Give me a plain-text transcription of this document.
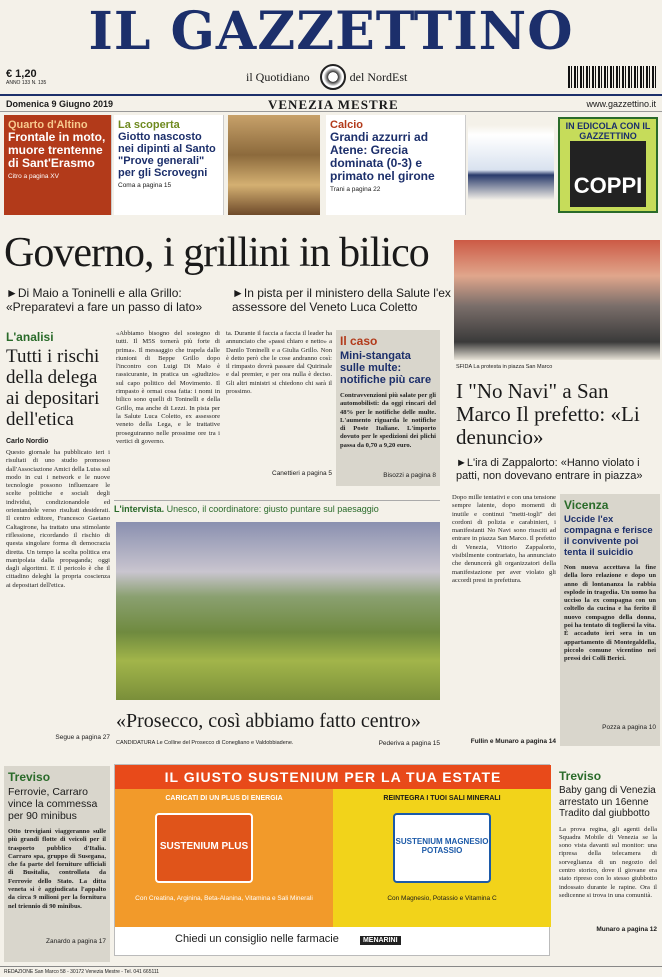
IL GAZZETTINO
€ 1,20
ANNO 133 N. 135	il Quotidiano	del NordEst
Domenica 9 Giugno 2019	VENEZIA MESTRE	www.gazzettino.it
Quarto d'Altino
Frontale in moto, muore trentenne di Sant'Erasmo
Citro a pagina XV
La scoperta
Giotto nascosto nei dipinti al Santo "Prove generali" per gli Scrovegni
Coma a pagina 15
Calcio
Grandi azzurri ad Atene: Grecia dominata (0-3) e primato nel girone
Trani a pagina 22
IN EDICOLA CON IL GAZZETTINO
COPPI
Governo, i grillini in bilico
►Di Maio a Toninelli e alla Grillo: «Preparatevi a fare un passo di lato»
►In pista per il ministero della Salute l'ex assessore del Veneto Luca Coletto
L'analisi
Tutti i rischi della delega ai depositari dell'etica
Carlo Nordio
Questo giornale ha pubblicato ieri i risultati di uno studio promosso dall'Associazione Amici della Luiss sul modo in cui i network e le nuove tecnologie possono influenzare le scelte politiche e sociali degli individui, condizionandole ed orientandole verso risultati desiderati. Il centro editore, Francesco Gaetano Caltagirone, ha trattato una stimolante riflessione, ricordando il rischio di questa singolare forma di democrazia diretta. Un tempo la scelta politica era manipolata dalla propaganda; oggi dagli algoritmi. E il pericolo è che il cittadino deleghi la propria coscienza ai depositari dell'etica.
Segue a pagina 27
«Abbiamo bisogno del sostegno di tutti. Il M5S tornerà più forte di prima». Il messaggio che trapela dalle riunioni di Beppe Grillo dopo l'incontro con Luigi Di Maio è rassicurante, in pratica un «giudizio» sul capo politico del Movimento. Il rimpasto è ormai cosa fatta: i nomi in bilico sono quelli di Toninelli e della Grillo, ma anche di Lezzi. In pista per la Salute Luca Coletto, ex assessore veneto della Lega, e le trattative proseguiranno nelle prossime ore tra i vertici di governo.
ta. Durante il faccia a faccia il leader ha annunciato che «passi chiaro e netto» a Danilo Toninelli e a Giulia Grillo. Non è detto però che le cose andranno così: il rimpasto dovrà passare dal Quirinale e dal premier, e per ora nulla è deciso. Gli altri ministri si chiedono chi sarà il prossimo.
Canettieri a pagina 5
Il caso
Mini-stangata sulle multe: notifiche più care
Contravvenzioni più salate per gli automobilisti: da oggi rincari del 48% per le notifiche delle multe. L'aumento riguarda le notifiche di Poste Italiane. L'importo dovuto per le spedizioni dei plichi passa da 0,70 a 9,20 euro.
Bisozzi a pagina 8
SFIDA La protesta in piazza San Marco
I "No Navi" a San Marco Il prefetto: «Li denuncio»
►L'ira di Zappalorto: «Hanno violato i patti, non dovevano entrare in piazza»
Dopo mille tentativi e con una tensione sempre latente, dopo momenti di inutile e continui "metti-togli" dei cordoni di polizia e carabinieri, i manifestanti No Navi sono riusciti ad entrare in piazza San Marco. Il prefetto di Venezia, Vittorio Zappalorto, visibilmente contrariato, ha annunciato che denuncerà gli organizzatori della manifestazione per aver violato gli accordi presi in prefettura.
Fullin e Munaro a pagina 14
L'intervista. Unesco, il coordinatore: giusto puntare sul paesaggio
«Prosecco, così abbiamo fatto centro»
CANDIDATURA Le Colline del Prosecco di Conegliano e Valdobbiadene.	Pederiva a pagina 15
Vicenza
Uccide l'ex compagna e ferisce il convivente poi tenta il suicidio
Non nuova accettava la fine della loro relazione e dopo un anno di lontananza la rabbia esplode in tragedia. Un uomo ha ucciso la ex compagna con un coltello da cucina e ha ferito il nuovo compagno della donna, poi ha tentato di togliersi la vita. È accaduto ieri sera in un appartamento di Montegaldella, piccolo comune vicentino nei pressi dei Colli Berici.
Pozza a pagina 10
Treviso
Ferrovie, Carraro vince la commessa per 90 minibus
Otto trevigiani viaggeranno sulle più grandi flotte di veicoli per il trasporto pubblico d'Italia. Carraro spa, gruppo di Susegana, che fa parte del forniture ufficiali di Busitalia, controllata da Ferrovie dello Stato. La ditta veneta si è aggiudicata l'appalto da circa 9 milioni per la fornitura nel triennio di 90 minibus.
Zanardo a pagina 17
IL GIUSTO SUSTENIUM PER LA TUA ESTATE
CARICATI DI UN PLUS DI ENERGIA
SUSTENIUM PLUS
Con Creatina, Arginina, Beta-Alanina, Vitamina e Sali Minerali
REINTEGRA I TUOI SALI MINERALI
SUSTENIUM MAGNESIO POTASSIO
Con Magnesio, Potassio e Vitamina C
Chiedi un consiglio nelle farmacie	MENARINI
Treviso
Baby gang di Venezia arrestato un 16enne Tradito dal giubbotto
La prova regina, gli agenti della Squadra Mobile di Venezia se la sono vista davanti sul monitor: una ripresa della telecamera di sorveglianza di un negozio del centro storico, dove il giovane era stato ripreso con lo stesso giubbotto indossato durante le rapine. Ora il sedicenne si trova in una comunità.
Munaro a pagina 12
REDAZIONE San Marco 58 - 30172 Venezia Mestre - Tel. 041 665111
